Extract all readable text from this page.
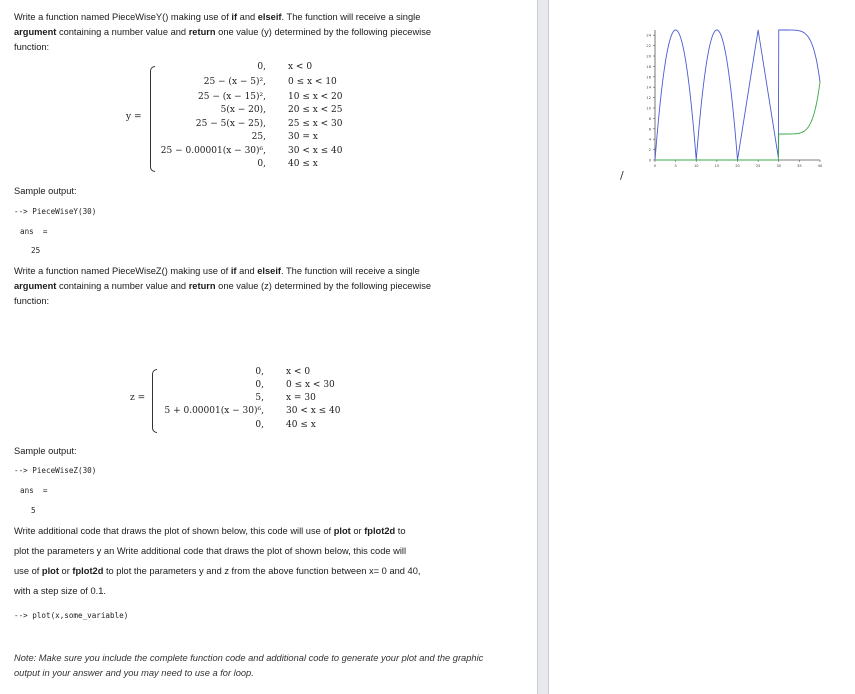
Write a function named PieceWiseY() making use of if and elseif. The function will receive a single argument containing a number value and return one value (y) determined by the following piecewise function:
y =
0, x < 0
25 − (x − 5)², 0 ≤ x < 10
25 − (x − 15)², 10 ≤ x < 20
5(x − 20), 20 ≤ x < 25
25 − 5(x − 25), 25 ≤ x < 30
25, 30 = x
25 − 0.00001(x − 30)⁶, 30 < x ≤ 40
0, 40 ≤ x
Sample output:
--> PieceWiseY(30)
ans  =
25
Write a function named PieceWiseZ() making use of if and elseif. The function will receive a single argument containing a number value and return one value (z) determined by the following piecewise function:
z =
0, x < 0
0, 0 ≤ x < 30
5, x = 30
5 + 0.00001(x − 30)⁶, 30 < x ≤ 40
0, 40 ≤ x
Sample output:
--> PieceWiseZ(30)
ans  =
5
Write additional code that draws the plot of shown below, this code will use of plot or fplot2d to
plot the parameters y an Write additional code that draws the plot of shown below, this code will
use of plot or fplot2d to plot the parameters y and z from the above function between x= 0 and 40,
with a step size of 0.1.
--> plot(x,some_variable)
Note: Make sure you include the complete function code and additional code to generate your plot and the graphic output in your answer and you may need to use a for loop.
0
2
4
6
8
10
12
14
16
18
20
22
24
0	5	10	15	20	25	30	35	40
/
